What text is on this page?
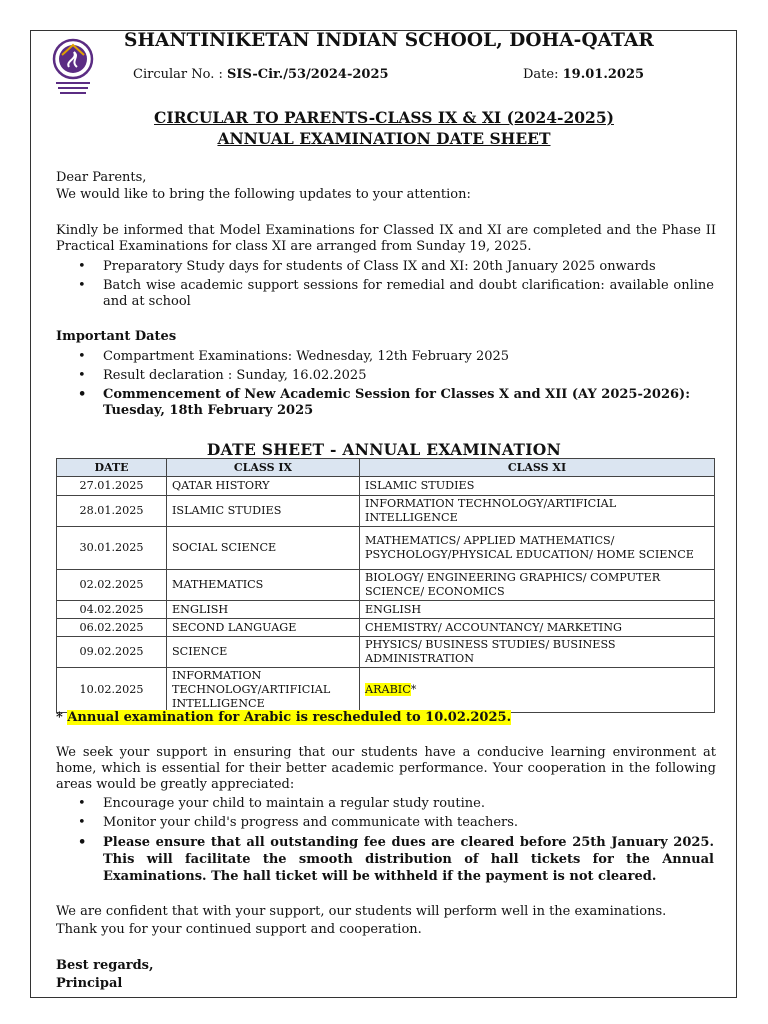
SHANTINIKETAN INDIAN SCHOOL, DOHA-QATAR
Circular No. : SIS-Cir./53/2024-2025	Date: 19.01.2025
CIRCULAR TO PARENTS-CLASS IX & XI (2024-2025)
ANNUAL EXAMINATION DATE SHEET
Dear Parents,
We would like to bring the following updates to your attention:
Kindly be informed that Model Examinations for Classed IX and XI are completed and the Phase II Practical Examinations for class XI are arranged from Sunday 19, 2025.
• Preparatory Study days for students of Class IX and XI: 20th January 2025 onwards
• Batch wise academic support sessions for remedial and doubt clarification: available online and at school
Important Dates
• Compartment Examinations: Wednesday, 12th February 2025
• Result declaration : Sunday, 16.02.2025
• Commencement of New Academic Session for Classes X and XII (AY 2025-2026): Tuesday, 18th February 2025
DATE SHEET - ANNUAL EXAMINATION
DATE	CLASS IX	CLASS XI
27.01.2025	QATAR HISTORY	ISLAMIC STUDIES
28.01.2025	ISLAMIC STUDIES	INFORMATION TECHNOLOGY/ARTIFICIAL INTELLIGENCE
30.01.2025	SOCIAL SCIENCE	MATHEMATICS/ APPLIED MATHEMATICS/ PSYCHOLOGY/PHYSICAL EDUCATION/ HOME SCIENCE
02.02.2025	MATHEMATICS	BIOLOGY/ ENGINEERING GRAPHICS/ COMPUTER SCIENCE/ ECONOMICS
04.02.2025	ENGLISH	ENGLISH
06.02.2025	SECOND LANGUAGE	CHEMISTRY/ ACCOUNTANCY/ MARKETING
09.02.2025	SCIENCE	PHYSICS/ BUSINESS STUDIES/ BUSINESS ADMINISTRATION
10.02.2025	INFORMATION TECHNOLOGY/ARTIFICIAL INTELLIGENCE	ARABIC*
* Annual examination for Arabic is rescheduled to 10.02.2025.
We seek your support in ensuring that our students have a conducive learning environment at home, which is essential for their better academic performance. Your cooperation in the following areas would be greatly appreciated:
• Encourage your child to maintain a regular study routine.
• Monitor your child's progress and communicate with teachers.
• Please ensure that all outstanding fee dues are cleared before 25th January 2025. This will facilitate the smooth distribution of hall tickets for the Annual Examinations. The hall ticket will be withheld if the payment is not cleared.
We are confident that with your support, our students will perform well in the examinations.
Thank you for your continued support and cooperation.
Best regards,
Principal
